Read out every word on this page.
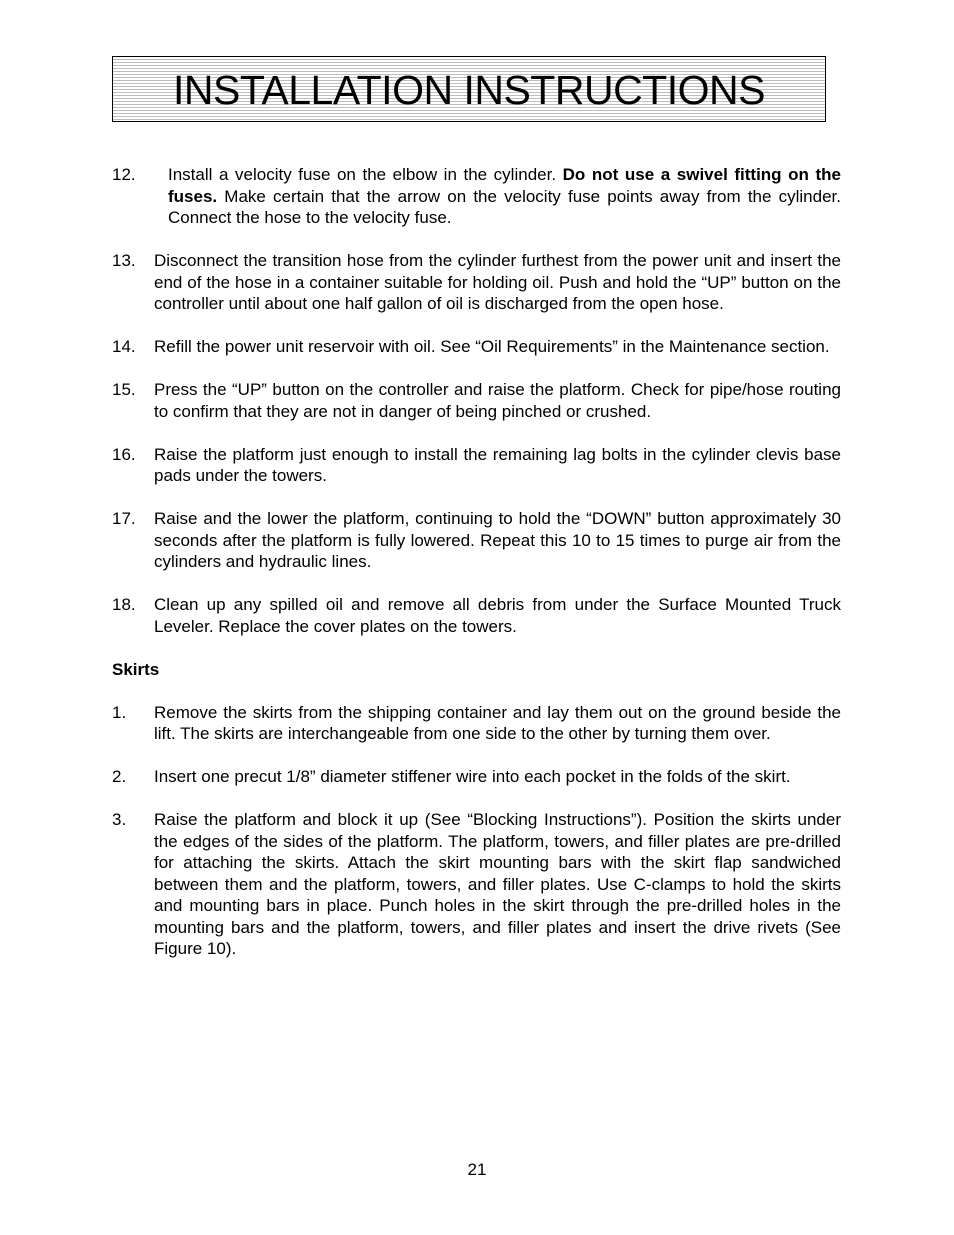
INSTALLATION INSTRUCTIONS
12.	Install a velocity fuse on the elbow in the cylinder. Do not use a swivel fitting on the fuses. Make certain that the arrow on the velocity fuse points away from the cylinder. Connect the hose to the velocity fuse.
13.	Disconnect the transition hose from the cylinder furthest from the power unit and insert the end of the hose in a container suitable for holding oil. Push and hold the “UP” button on the controller until about one half gallon of oil is discharged from the open hose.
14.	Refill the power unit reservoir with oil. See “Oil Requirements” in the Maintenance section.
15.	Press the “UP” button on the controller and raise the platform. Check for pipe/hose routing to confirm that they are not in danger of being pinched or crushed.
16.	Raise the platform just enough to install the remaining lag bolts in the cylinder clevis base pads under the towers.
17.	Raise and the lower the platform, continuing to hold the “DOWN” button approximately 30 seconds after the platform is fully lowered. Repeat this 10 to 15 times to purge air from the cylinders and hydraulic lines.
18.	Clean up any spilled oil and remove all debris from under the Surface Mounted Truck Leveler. Replace the cover plates on the towers.
Skirts
1.	Remove the skirts from the shipping container and lay them out on the ground beside the lift. The skirts are interchangeable from one side to the other by turning them over.
2.	Insert one precut 1/8” diameter stiffener wire into each pocket in the folds of the skirt.
3.	Raise the platform and block it up (See “Blocking Instructions”). Position the skirts under the edges of the sides of the platform. The platform, towers, and filler plates are pre-drilled for attaching the skirts. Attach the skirt mounting bars with the skirt flap sandwiched between them and the platform, towers, and filler plates. Use C-clamps to hold the skirts and mounting bars in place. Punch holes in the skirt through the pre-drilled holes in the mounting bars and the platform, towers, and filler plates and insert the drive rivets (See Figure 10).
21
